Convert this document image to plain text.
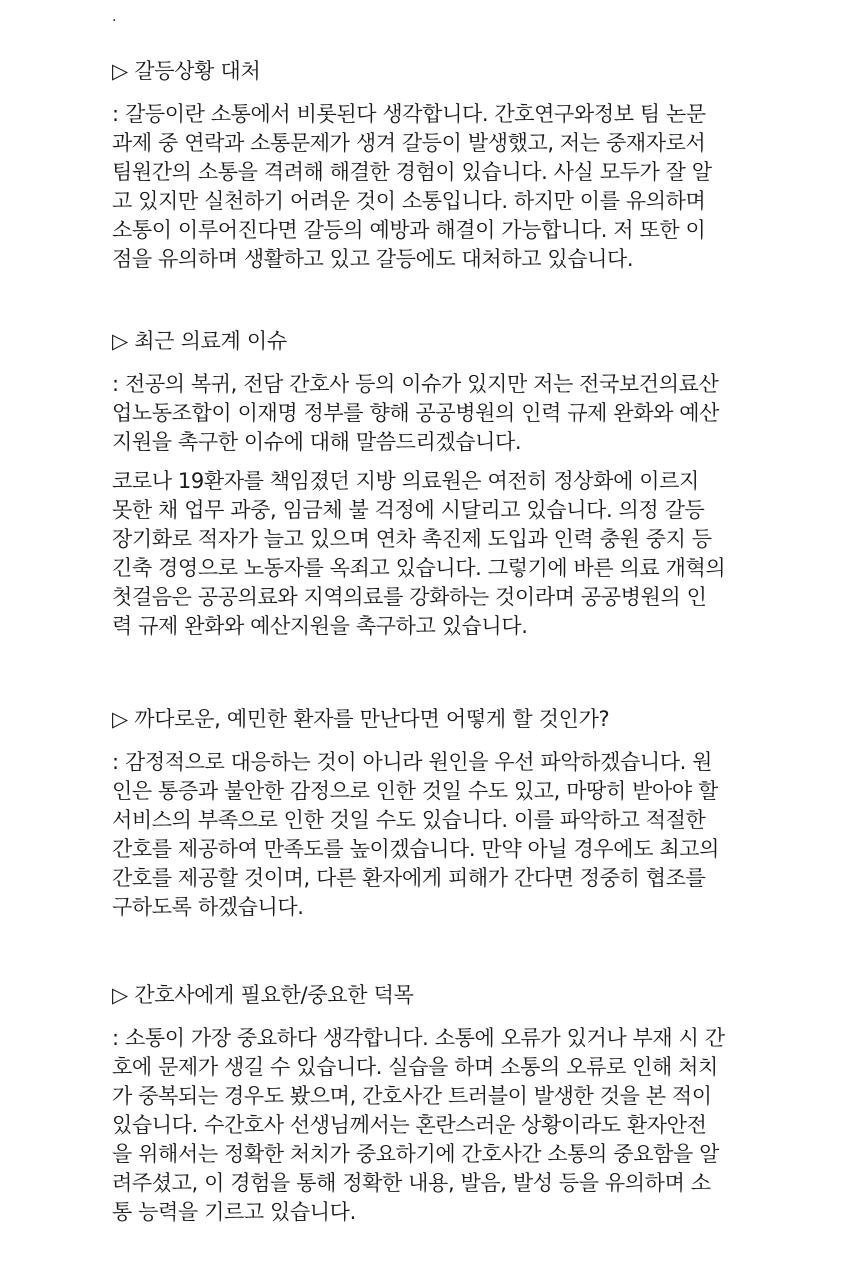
·
▷ 갈등상황 대처
: 갈등이란 소통에서 비롯된다 생각합니다. 간호연구와정보 팀 논문
과제 중 연락과 소통문제가 생겨 갈등이 발생했고, 저는 중재자로서
팀원간의 소통을 격려해 해결한 경험이 있습니다. 사실 모두가 잘 알
고 있지만 실천하기 어려운 것이 소통입니다. 하지만 이를 유의하며
소통이 이루어진다면 갈등의 예방과 해결이 가능합니다. 저 또한 이
점을 유의하며 생활하고 있고 갈등에도 대처하고 있습니다.
▷ 최근 의료계 이슈
: 전공의 복귀, 전담 간호사 등의 이슈가 있지만 저는 전국보건의료산
업노동조합이 이재명 정부를 향해 공공병원의 인력 규제 완화와 예산
지원을 촉구한 이슈에 대해 말씀드리겠습니다.
코로나 19환자를 책임졌던 지방 의료원은 여전히 정상화에 이르지
못한 채 업무 과중, 임금체 불 걱정에 시달리고 있습니다. 의정 갈등
장기화로 적자가 늘고 있으며 연차 촉진제 도입과 인력 충원 중지 등
긴축 경영으로 노동자를 옥죄고 있습니다. 그렇기에 바른 의료 개혁의
첫걸음은 공공의료와 지역의료를 강화하는 것이라며 공공병원의 인
력 규제 완화와 예산지원을 촉구하고 있습니다.
▷ 까다로운, 예민한 환자를 만난다면 어떻게 할 것인가?
: 감정적으로 대응하는 것이 아니라 원인을 우선 파악하겠습니다. 원
인은 통증과 불안한 감정으로 인한 것일 수도 있고, 마땅히 받아야 할
서비스의 부족으로 인한 것일 수도 있습니다. 이를 파악하고 적절한
간호를 제공하여 만족도를 높이겠습니다. 만약 아닐 경우에도 최고의
간호를 제공할 것이며, 다른 환자에게 피해가 간다면 정중히 협조를
구하도록 하겠습니다.
▷ 간호사에게 필요한/중요한 덕목
: 소통이 가장 중요하다 생각합니다. 소통에 오류가 있거나 부재 시 간
호에 문제가 생길 수 있습니다. 실습을 하며 소통의 오류로 인해 처치
가 중복되는 경우도 봤으며, 간호사간 트러블이 발생한 것을 본 적이
있습니다. 수간호사 선생님께서는 혼란스러운 상황이라도 환자안전
을 위해서는 정확한 처치가 중요하기에 간호사간 소통의 중요함을 알
려주셨고, 이 경험을 통해 정확한 내용, 발음, 발성 등을 유의하며 소
통 능력을 기르고 있습니다.
